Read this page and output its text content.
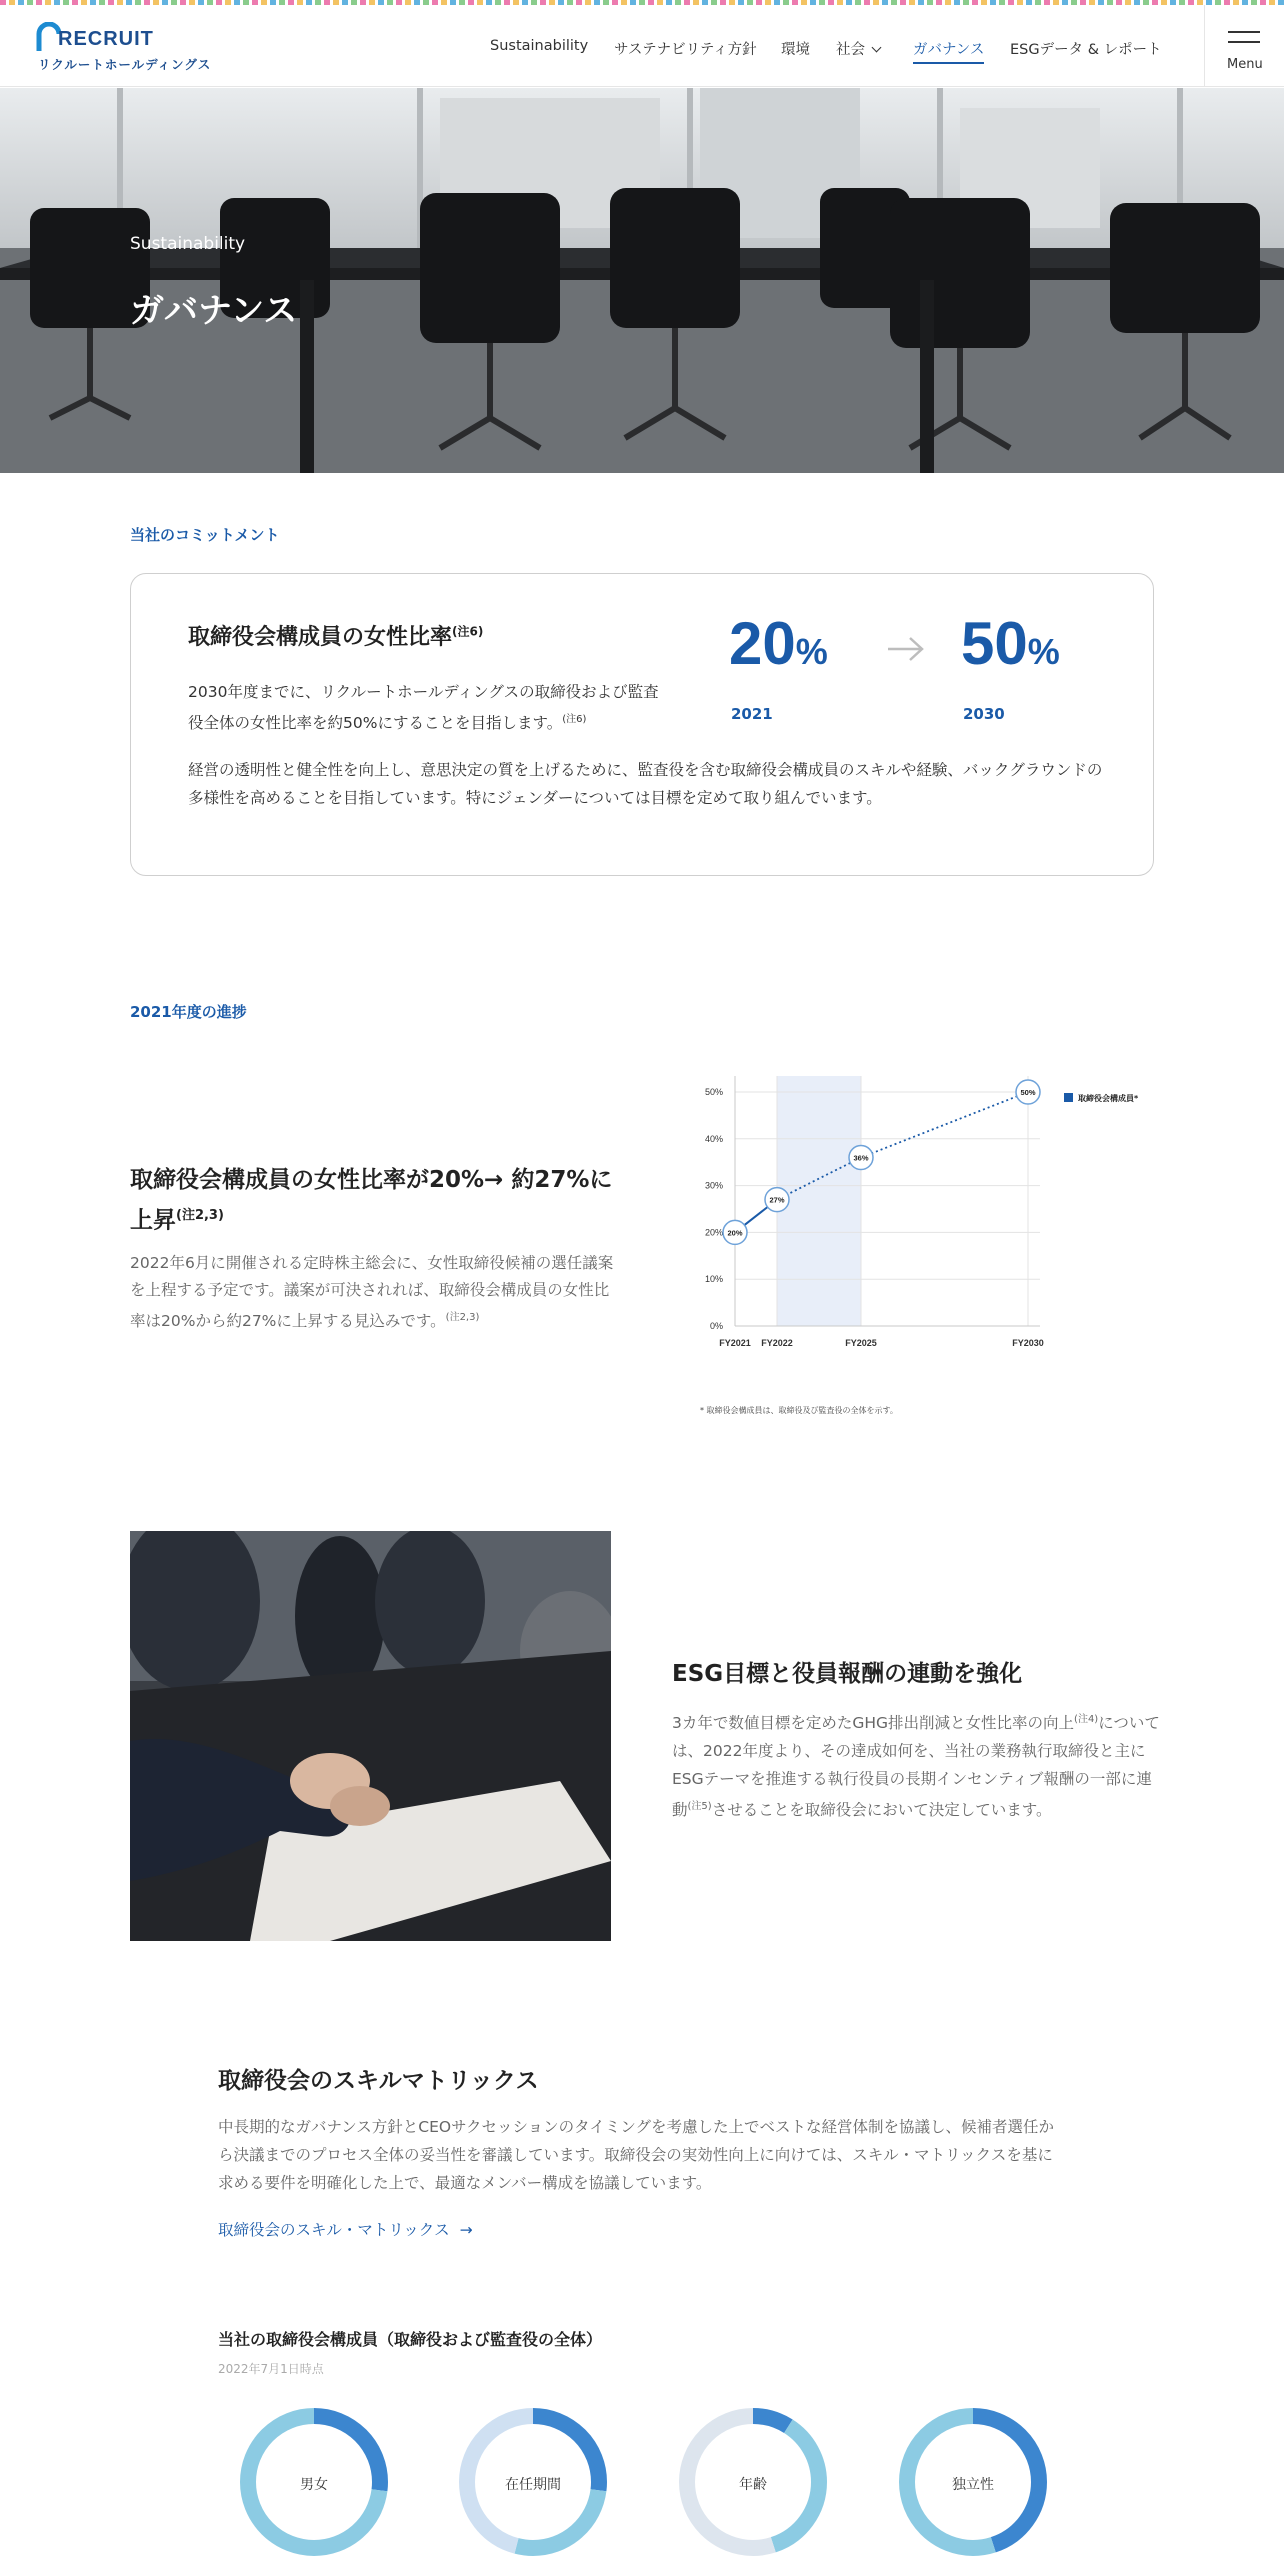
RECRUIT
リクルートホールディングス
Sustainability サステナビリティ方針 環境 社会	ガバナンス ESGデータ & レポート
Menu
Sustainability
ガバナンス
当社のコミットメント
取締役会構成員の女性比率$^{(注6)}$

2030年度までに、リクルートホールディングスの取締役および監査役全体の女性比率を約50%にすることを目指します。$^{(注6)}$

20% 50%
2021	2030

経営の透明性と健全性を向上し、意思決定の質を上げるために、監査役を含む取締役会構成員のスキルや経験、バックグラウンドの多様性を高めることを目指しています。特にジェンダーについては目標を定めて取り組んでいます。

2021年度の進捗
取締役会構成員の女性比率が20%→ 約27%に上昇$^{(注2,3)}$

2022年6月に開催される定時株主総会に、女性取締役候補の選任議案を上程する予定です。議案が可決されれば、取締役会構成員の女性比率は20%から約27%に上昇する見込みです。$^{(注2,3)}$

0%
10%
20%
30%
40%
50%
FY2021 FY2022	FY2025	FY2030
20%
27%
36%
50%
取締役会構成員*
* 取締役会構成員は、取締役及び監査役の全体を示す。
ESG目標と役員報酬の連動を強化

3カ年で数値目標を定めたGHG排出削減と女性比率の向上$^{(注4)}$については、2022年度より、その達成如何を、当社の業務執行取締役と主にESGテーマを推進する執行役員の長期インセンティブ報酬の一部に連動$^{(注5)}$させることを取締役会において決定しています。

取締役会のスキルマトリックス

中長期的なガバナンス方針とCEOサクセッションのタイミングを考慮した上でベストな経営体制を協議し、候補者選任から決議までのプロセス全体の妥当性を審議しています。取締役会の実効性向上に向けては、スキル・マトリックスを基に求める要件を明確化した上で、最適なメンバー構成を協議しています。

取締役会のスキル・マトリックス →
当社の取締役会構成員（取締役および監査役の全体）
2022年7月1日時点
男女	在任期間	年齢	独立性
